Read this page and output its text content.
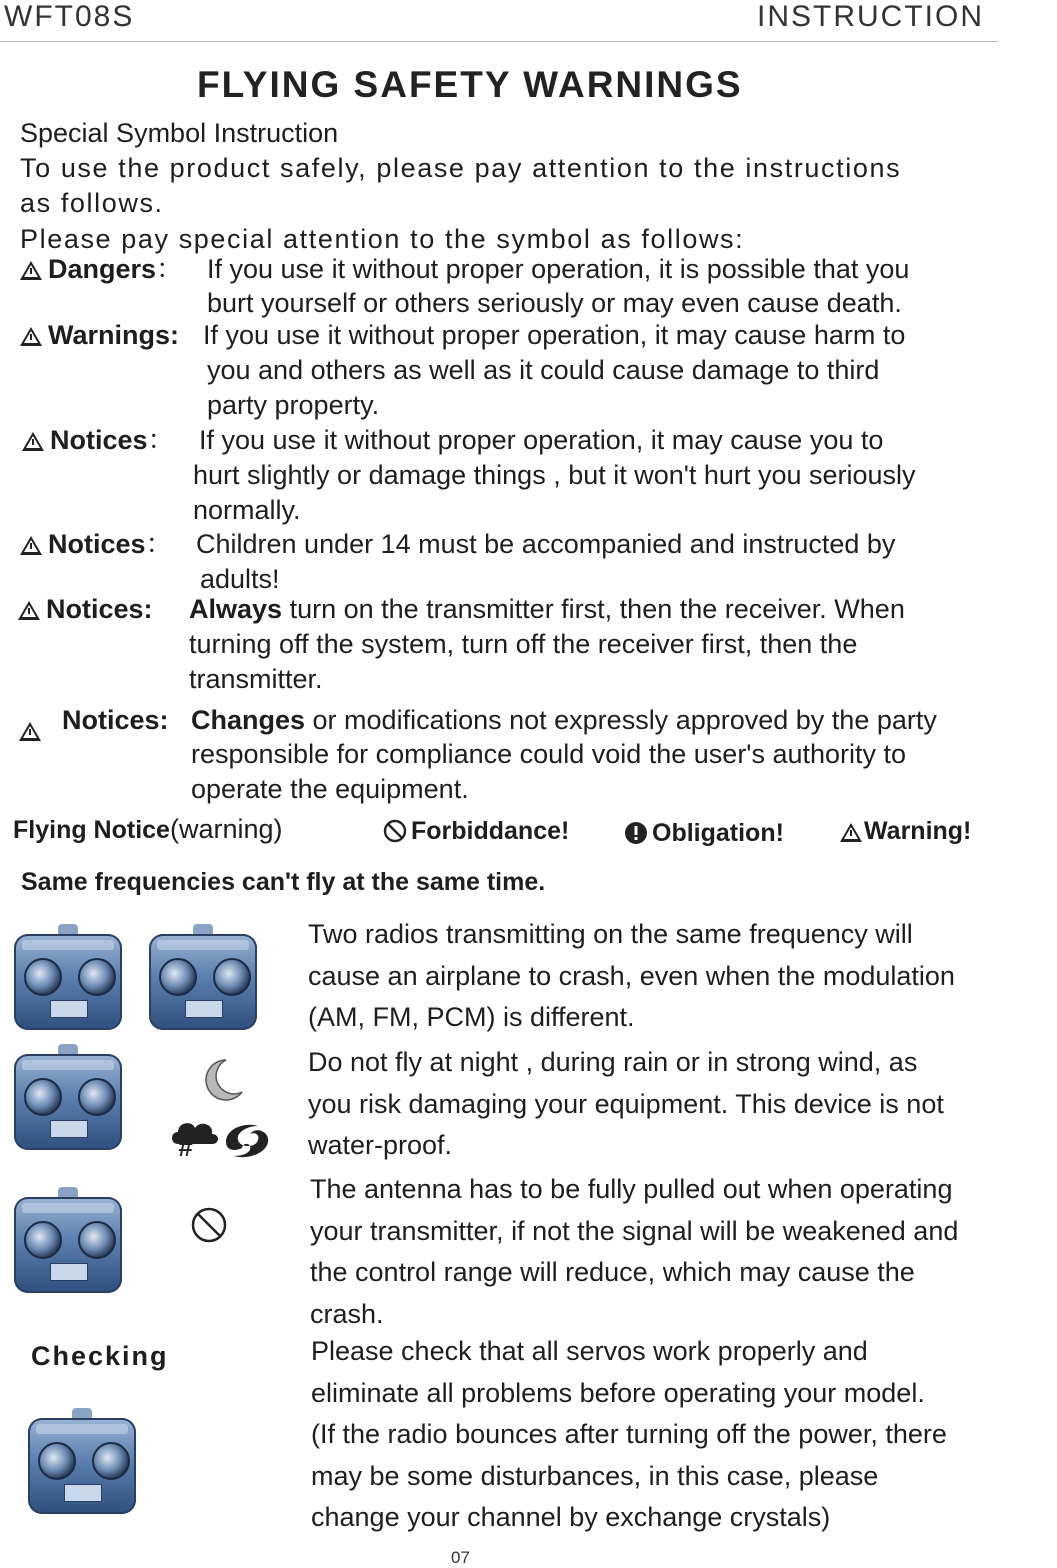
WFT08S	INSTRUCTION
FLYING SAFETY WARNINGS
Special Symbol Instruction
To use the product safely, please pay attention to the instructions
as follows.
Please pay special attention to the symbol as follows:
Dangers： If you use it without proper operation, it is possible that you
burt yourself or others seriously or may even cause death.
Warnings: If you use it without proper operation, it may cause harm to
you and others as well as it could cause damage to third
party property.
Notices： If you use it without proper operation, it may cause you to
hurt slightly or damage things , but it won't hurt you seriously
normally.
Notices： Children under 14 must be accompanied and instructed by
adults!
Notices: Always turn on the transmitter first, then the receiver. When
turning off the system, turn off the receiver first, then the
transmitter.
Notices: Changes or modifications not expressly approved by the party
responsible for compliance could void the user's authority to
operate the equipment.
Flying Notice(warning)	Forbiddance!	Obligation!	Warning!
Same frequencies can't fly at the same time.
#
Two radios transmitting on the same frequency will
cause an airplane to crash, even when the modulation
(AM, FM, PCM) is different.
Do not fly at night , during rain or in strong wind, as
you risk damaging your equipment. This device is not
water-proof.
The antenna has to be fully pulled out when operating
your transmitter, if not the signal will be weakened and
the control range will reduce, which may cause the
crash.
Checking	Please check that all servos work properly and
eliminate all problems before operating your model.
(If the radio bounces after turning off the power, there
may be some disturbances, in this case, please
change your channel by exchange crystals)
07
